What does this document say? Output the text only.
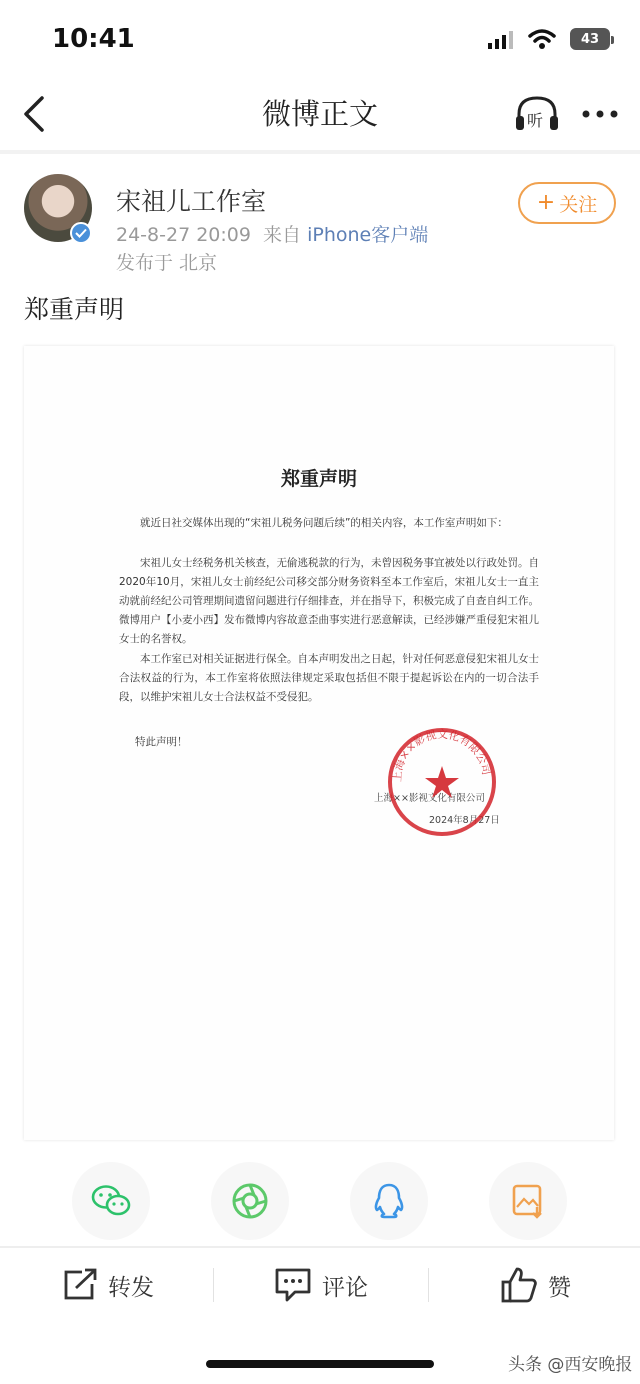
10:41	43
微博正文	听
宋祖儿工作室
24-8-27 20:09 来自 iPhone客户端
发布于 北京
+ 关注
郑重声明
郑重声明

就近日社交媒体出现的“宋祖儿税务问题后续”的相关内容，本工作室声明如下：

宋祖儿女士经税务机关核查，无偷逃税款的行为，未曾因税务事宜被处以行政处罚。自2020年10月，宋祖儿女士前经纪公司移交部分财务资料至本工作室后，宋祖儿女士一直主动就前经纪公司管理期间遗留问题进行仔细排查，并在指导下，积极完成了自查自纠工作。微博用户【小麦小西】发布微博内容故意歪曲事实进行恶意解读，已经涉嫌严重侵犯宋祖儿女士的名誉权。

本工作室已对相关证据进行保全。自本声明发出之日起，针对任何恶意侵犯宋祖儿女士合法权益的行为，本工作室将依照法律规定采取包括但不限于提起诉讼在内的一切合法手段，以维护宋祖儿女士合法权益不受侵犯。

特此声明！
上海××影视文化有限公司
2024年8月27日
上海××影视文化有限公司
转发	评论	赞
头条 @西安晚报
